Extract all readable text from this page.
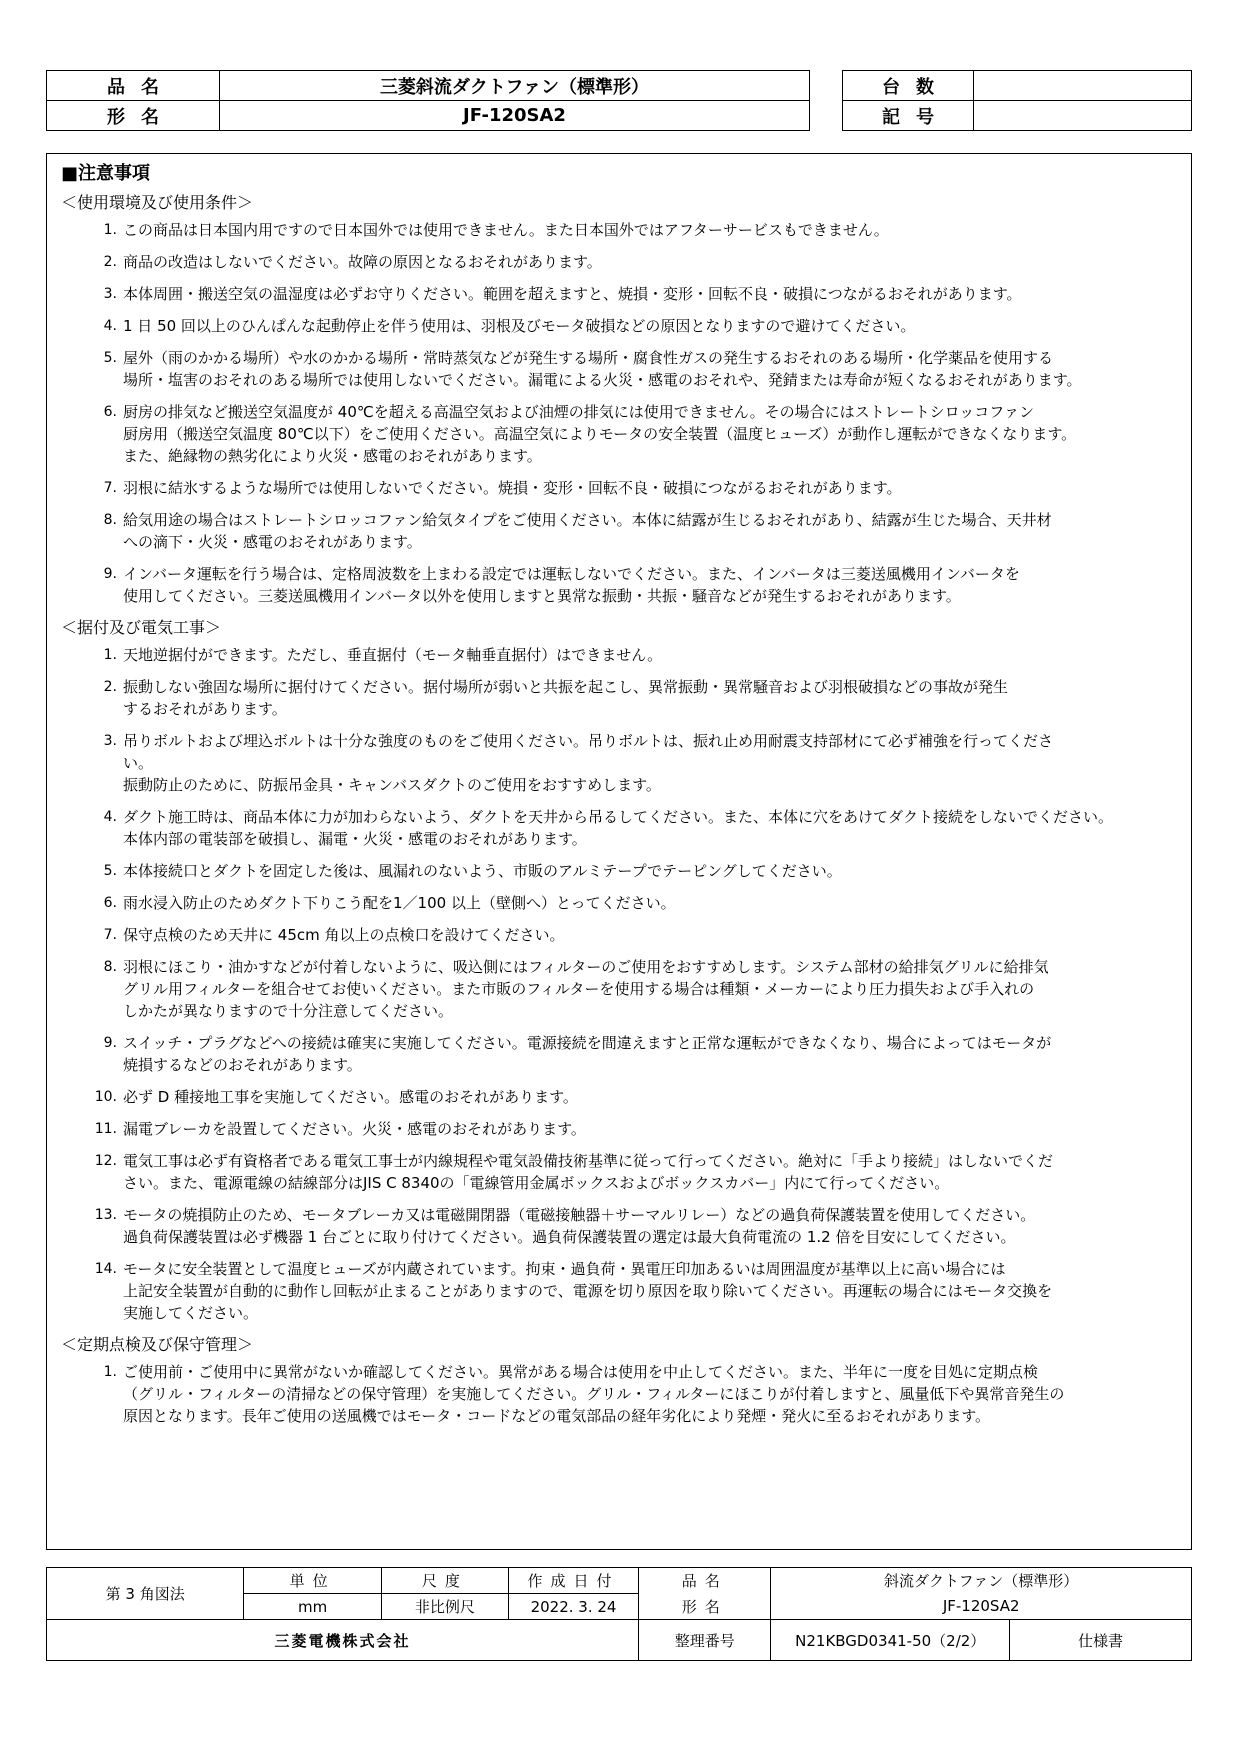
品名	三菱斜流ダクトファン（標準形）
形名	JF-120SA2
台数	
記号	
■注意事項
＜使用環境及び使用条件＞
1. この商品は日本国内用ですので日本国外では使用できません。また日本国外ではアフターサービスもできません。
2. 商品の改造はしないでください。故障の原因となるおそれがあります。
3. 本体周囲・搬送空気の温湿度は必ずお守りください。範囲を超えますと、焼損・変形・回転不良・破損につながるおそれがあります。
4. 1 日 50 回以上のひんぱんな起動停止を伴う使用は、羽根及びモータ破損などの原因となりますので避けてください。
5. 屋外（雨のかかる場所）や水のかかる場所・常時蒸気などが発生する場所・腐食性ガスの発生するおそれのある場所・化学薬品を使用する
場所・塩害のおそれのある場所では使用しないでください。漏電による火災・感電のおそれや、発錆または寿命が短くなるおそれがあります。
6. 厨房の排気など搬送空気温度が 40℃を超える高温空気および油煙の排気には使用できません。その場合にはストレートシロッコファン
厨房用（搬送空気温度 80℃以下）をご使用ください。高温空気によりモータの安全装置（温度ヒューズ）が動作し運転ができなくなります。
また、絶縁物の熱劣化により火災・感電のおそれがあります。
7. 羽根に結氷するような場所では使用しないでください。焼損・変形・回転不良・破損につながるおそれがあります。
8. 給気用途の場合はストレートシロッコファン給気タイプをご使用ください。本体に結露が生じるおそれがあり、結露が生じた場合、天井材
への滴下・火災・感電のおそれがあります。
9. インバータ運転を行う場合は、定格周波数を上まわる設定では運転しないでください。また、インバータは三菱送風機用インバータを
使用してください。三菱送風機用インバータ以外を使用しますと異常な振動・共振・騒音などが発生するおそれがあります。
＜据付及び電気工事＞
1. 天地逆据付ができます。ただし、垂直据付（モータ軸垂直据付）はできません。
2. 振動しない強固な場所に据付けてください。据付場所が弱いと共振を起こし、異常振動・異常騒音および羽根破損などの事故が発生
するおそれがあります。
3. 吊りボルトおよび埋込ボルトは十分な強度のものをご使用ください。吊りボルトは、振れ止め用耐震支持部材にて必ず補強を行ってくださ
い。
振動防止のために、防振吊金具・キャンバスダクトのご使用をおすすめします。
4. ダクト施工時は、商品本体に力が加わらないよう、ダクトを天井から吊るしてください。また、本体に穴をあけてダクト接続をしないでください。
本体内部の電装部を破損し、漏電・火災・感電のおそれがあります。
5. 本体接続口とダクトを固定した後は、風漏れのないよう、市販のアルミテープでテーピングしてください。
6. 雨水浸入防止のためダクト下りこう配を1／100 以上（壁側へ）とってください。
7. 保守点検のため天井に 45cm 角以上の点検口を設けてください。
8. 羽根にほこり・油かすなどが付着しないように、吸込側にはフィルターのご使用をおすすめします。システム部材の給排気グリルに給排気
グリル用フィルターを組合せてお使いください。また市販のフィルターを使用する場合は種類・メーカーにより圧力損失および手入れの
しかたが異なりますので十分注意してください。
9. スイッチ・プラグなどへの接続は確実に実施してください。電源接続を間違えますと正常な運転ができなくなり、場合によってはモータが
焼損するなどのおそれがあります。
10. 必ず D 種接地工事を実施してください。感電のおそれがあります。
11. 漏電ブレーカを設置してください。火災・感電のおそれがあります。
12. 電気工事は必ず有資格者である電気工事士が内線規程や電気設備技術基準に従って行ってください。絶対に「手より接続」はしないでくだ
さい。また、電源電線の結線部分はJIS C 8340の「電線管用金属ボックスおよびボックスカバー」内にて行ってください。
13. モータの焼損防止のため、モータブレーカ又は電磁開閉器（電磁接触器＋サーマルリレー）などの過負荷保護装置を使用してください。
過負荷保護装置は必ず機器 1 台ごとに取り付けてください。過負荷保護装置の選定は最大負荷電流の 1.2 倍を目安にしてください。
14. モータに安全装置として温度ヒューズが内蔵されています。拘束・過負荷・異電圧印加あるいは周囲温度が基準以上に高い場合には
上記安全装置が自動的に動作し回転が止まることがありますので、電源を切り原因を取り除いてください。再運転の場合にはモータ交換を
実施してください。
＜定期点検及び保守管理＞
1. ご使用前・ご使用中に異常がないか確認してください。異常がある場合は使用を中止してください。また、半年に一度を目処に定期点検
（グリル・フィルターの清掃などの保守管理）を実施してください。グリル・フィルターにほこりが付着しますと、風量低下や異常音発生の
原因となります。長年ご使用の送風機ではモータ・コードなどの電気部品の経年劣化により発煙・発火に至るおそれがあります。
第 3 角図法	単位	尺度	作成日付	品名	斜流ダクトファン（標準形）	
	mm	非比例尺	2022. 3. 24	形名	JF-120SA2	
三菱電機株式会社				整理番号	N21KBGD0341-50（2/2）	仕様書
